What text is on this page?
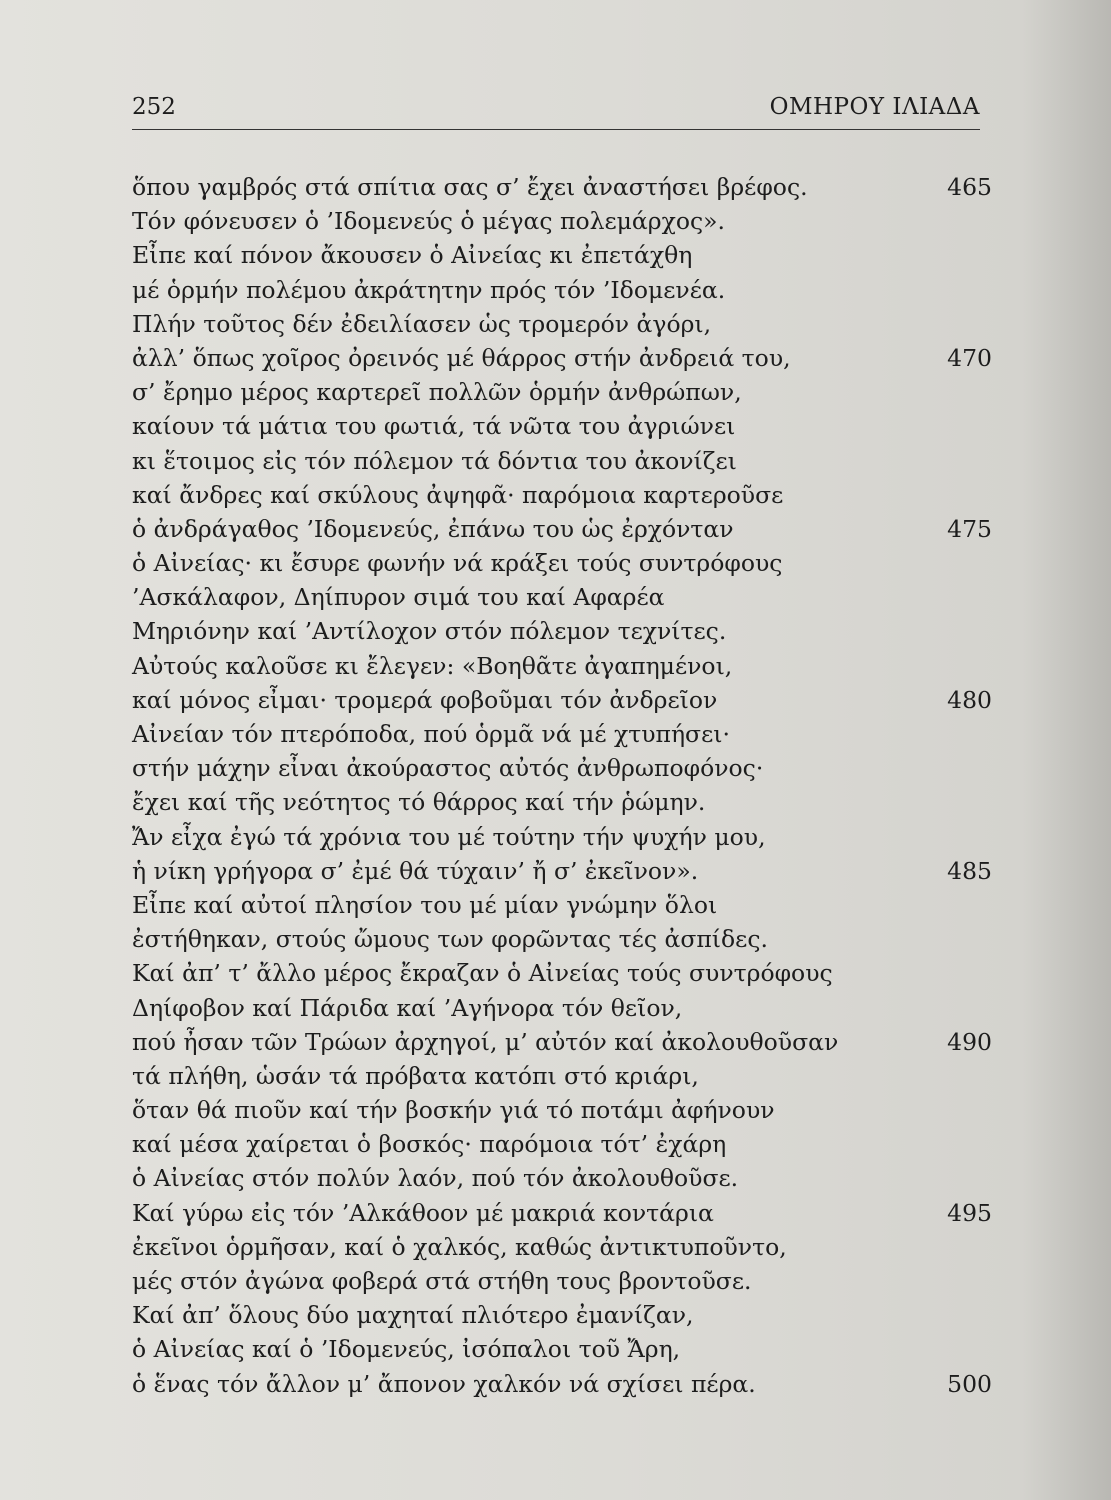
252	ΟΜΗΡΟΥ ΙΛΙΑΔΑ
ὅπου γαμβρός στά σπίτια σας σ’ ἔχει ἀναστήσει βρέφος.	465
Τόν φόνευσεν ὁ ’Ιδομενεύς ὁ μέγας πολεμάρχος».
Εἶπε καί πόνον ἄκουσεν ὁ Αἰνείας κι ἐπετάχθη
μέ ὁρμήν πολέμου ἀκράτητην πρός τόν ’Ιδομενέα.
Πλήν τοῦτος δέν ἐδειλίασεν ὡς τρομερόν ἀγόρι,
ἀλλ’ ὅπως χοῖρος ὀρεινός μέ θάρρος στήν ἀνδρειά του,	470
σ’ ἔρημο μέρος καρτερεῖ πολλῶν ὁρμήν ἀνθρώπων,
καίουν τά μάτια του φωτιά, τά νῶτα του ἀγριώνει
κι ἕτοιμος εἰς τόν πόλεμον τά δόντια του ἀκονίζει
καί ἄνδρες καί σκύλους ἀψηφᾶ· παρόμοια καρτεροῦσε
ὁ ἀνδράγαθος ’Ιδομενεύς, ἐπάνω του ὡς ἐρχόνταν	475
ὁ Αἰνείας· κι ἔσυρε φωνήν νά κράξει τούς συντρόφους
’Ασκάλαφον, Δηίπυρον σιμά του καί Αφαρέα
Μηριόνην καί ’Αντίλοχον στόν πόλεμον τεχνίτες.
Αὐτούς καλοῦσε κι ἔλεγεν: «Βοηθᾶτε ἀγαπημένοι,
καί μόνος εἶμαι· τρομερά φοβοῦμαι τόν ἀνδρεῖον	480
Αἰνείαν τόν πτερόποδα, πού ὁρμᾶ νά μέ χτυπήσει·
στήν μάχην εἶναι ἀκούραστος αὐτός ἀνθρωποφόνος·
ἔχει καί τῆς νεότητος τό θάρρος καί τήν ῥώμην.
Ἄν εἶχα ἐγώ τά χρόνια του μέ τούτην τήν ψυχήν μου,
ἡ νίκη γρήγορα σ’ ἐμέ θά τύχαιν’ ἤ σ’ ἐκεῖνον».	485
Εἶπε καί αὐτοί πλησίον του μέ μίαν γνώμην ὅλοι
ἐστήθηκαν, στούς ὤμους των φορῶντας τές ἀσπίδες.
Καί ἀπ’ τ’ ἄλλο μέρος ἔκραζαν ὁ Αἰνείας τούς συντρόφους
Δηίφοβον καί Πάριδα καί ’Αγήνορα τόν θεῖον,
πού ἦσαν τῶν Τρώων ἀρχηγοί, μ’ αὐτόν καί ἀκολουθοῦσαν	490
τά πλήθη, ὡσάν τά πρόβατα κατόπι στό κριάρι,
ὅταν θά πιοῦν καί τήν βοσκήν γιά τό ποτάμι ἀφήνουν
καί μέσα χαίρεται ὁ βοσκός· παρόμοια τότ’ ἐχάρη
ὁ Αἰνείας στόν πολύν λαόν, πού τόν ἀκολουθοῦσε.
Καί γύρω εἰς τόν ’Αλκάθοον μέ μακριά κοντάρια	495
ἐκεῖνοι ὁρμῆσαν, καί ὁ χαλκός, καθώς ἀντικτυποῦντο,
μές στόν ἀγώνα φοβερά στά στήθη τους βροντοῦσε.
Καί ἀπ’ ὅλους δύο μαχηταί πλιότερο ἐμανίζαν,
ὁ Αἰνείας καί ὁ ’Ιδομενεύς, ἰσόπαλοι τοῦ Ἄρη,
ὁ ἕνας τόν ἄλλον μ’ ἄπονον χαλκόν νά σχίσει πέρα.	500
